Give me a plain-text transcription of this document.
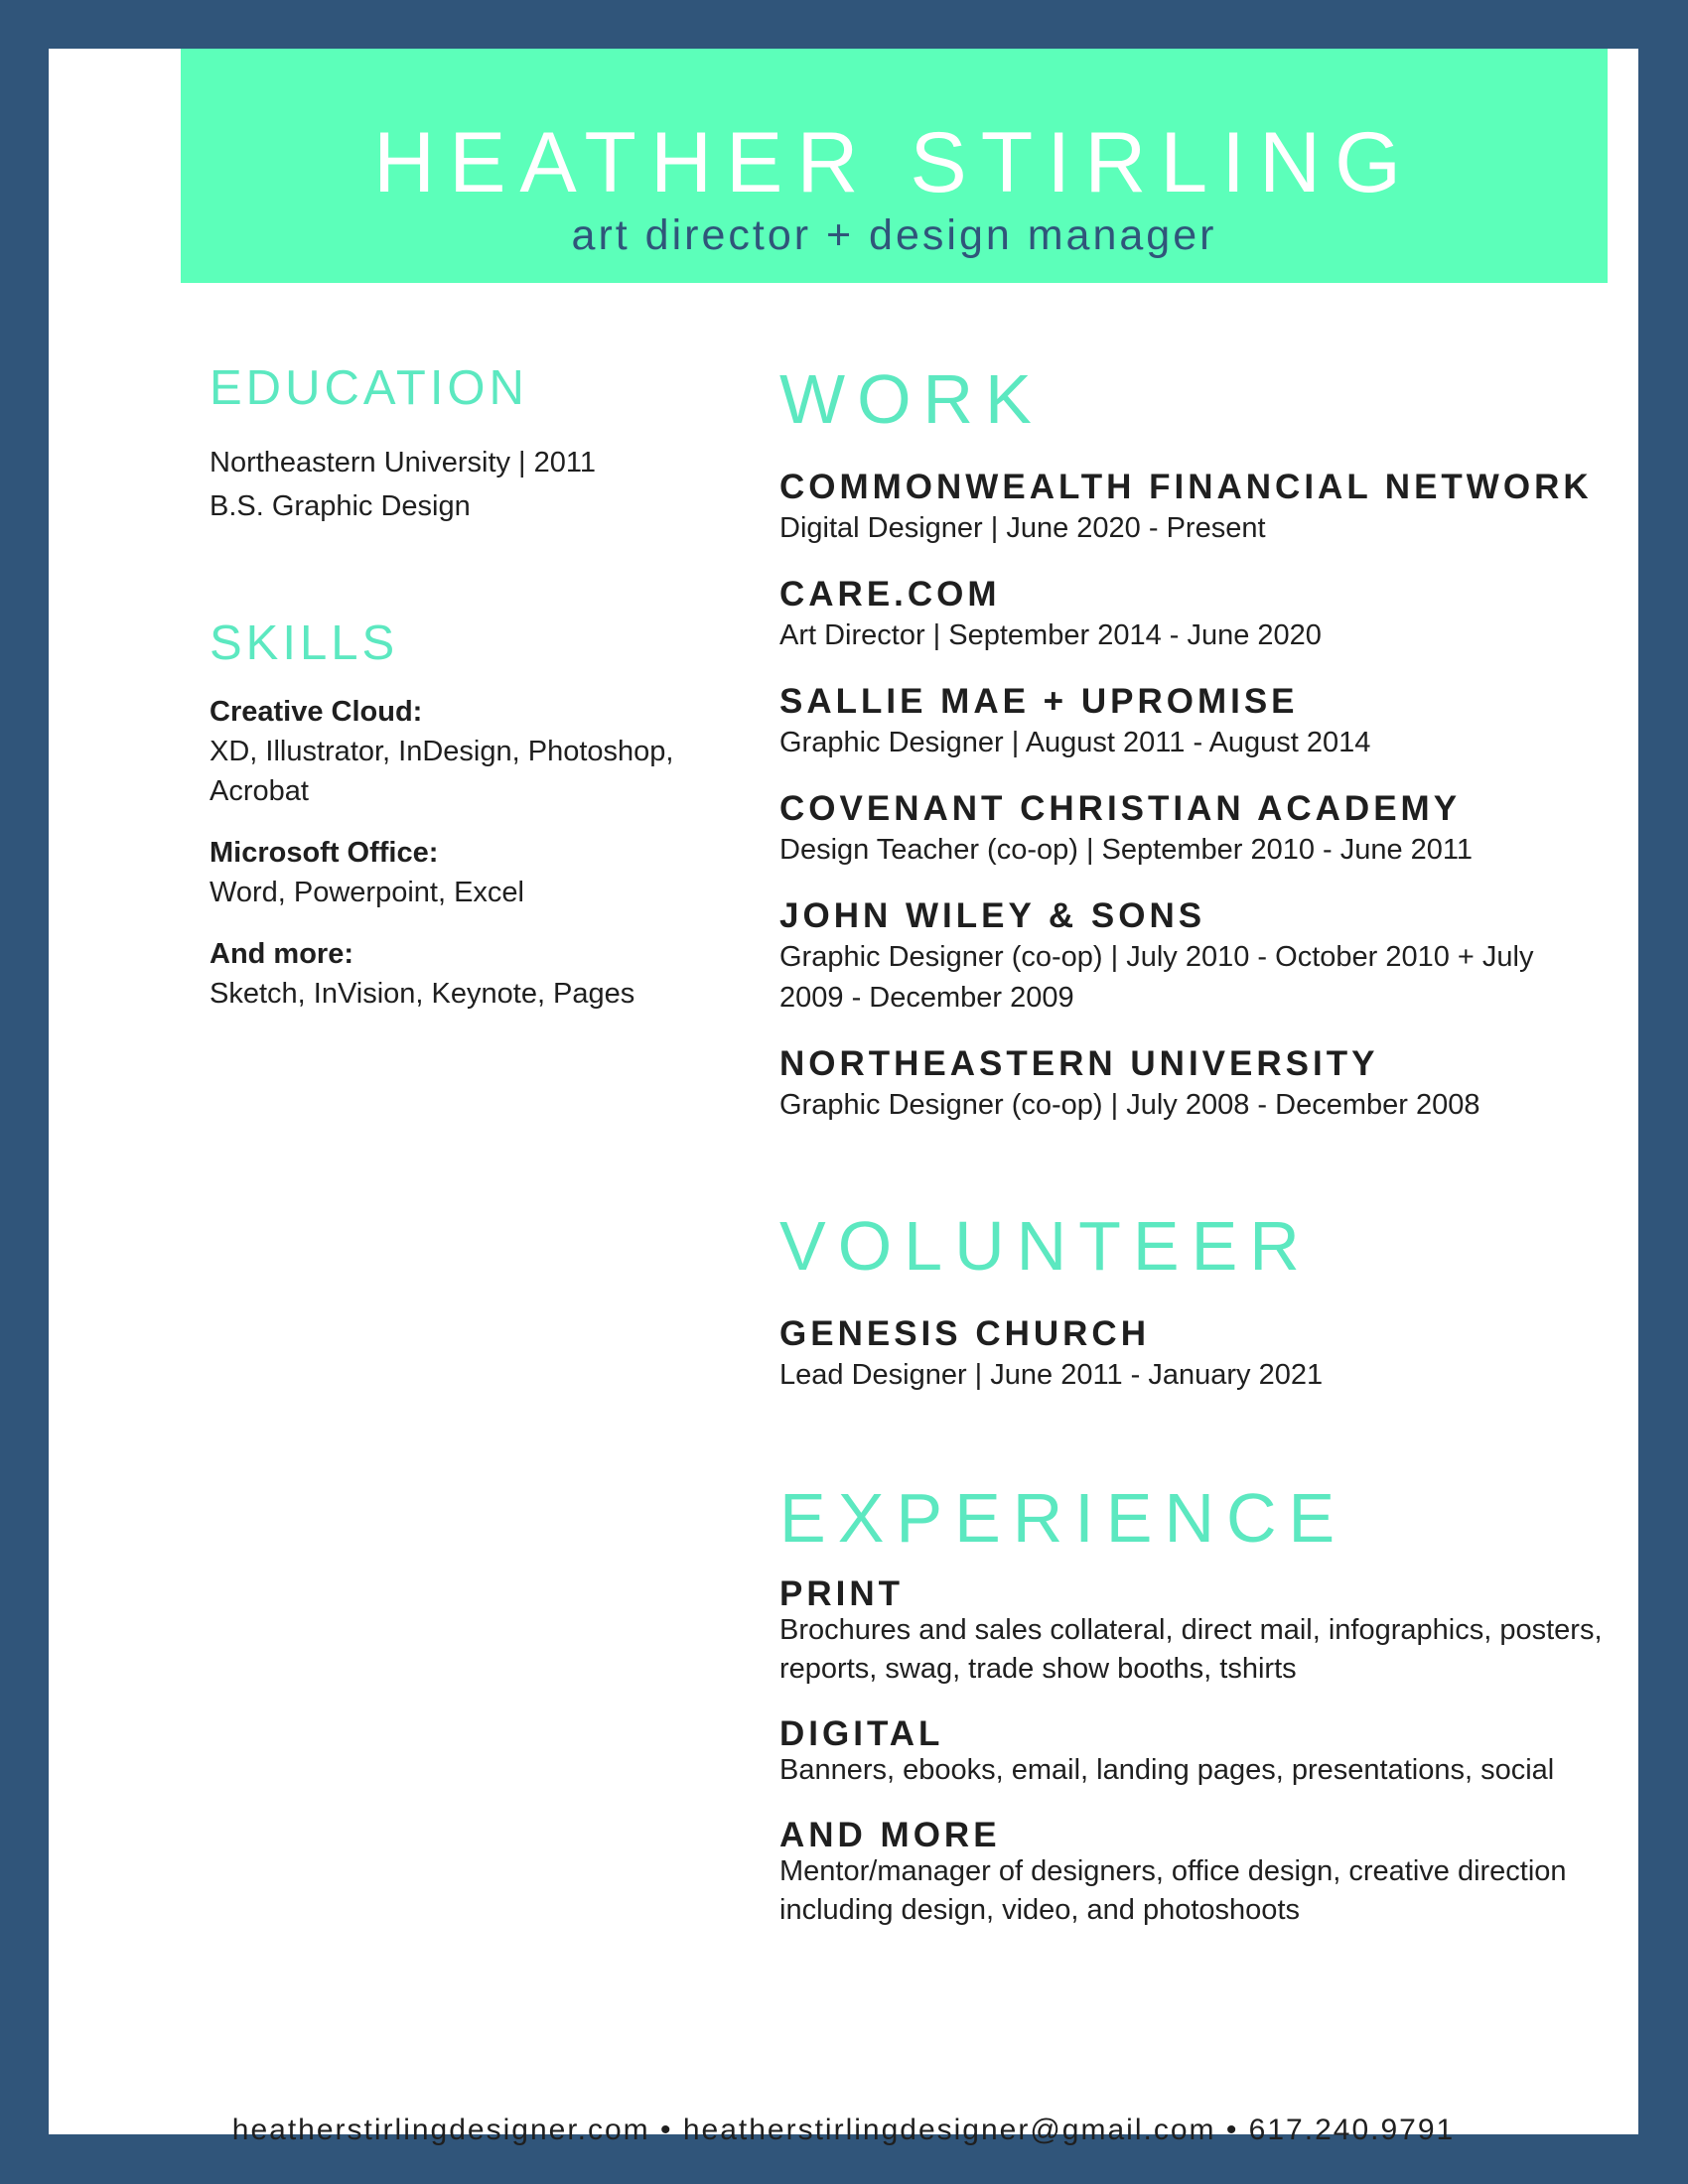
HEATHER STIRLING
art director + design manager
EDUCATION
Northeastern University | 2011
B.S. Graphic Design
SKILLS
Creative Cloud:
XD, Illustrator, InDesign, Photoshop, Acrobat
Microsoft Office:
Word, Powerpoint, Excel
And more:
Sketch, InVision, Keynote, Pages
WORK
COMMONWEALTH FINANCIAL NETWORK
Digital Designer | June 2020 - Present
CARE.COM
Art Director | September 2014 - June 2020
SALLIE MAE + UPROMISE
Graphic Designer | August 2011 - August 2014
COVENANT CHRISTIAN ACADEMY
Design Teacher (co-op) | September 2010 - June 2011
JOHN WILEY & SONS
Graphic Designer (co-op) | July 2010 - October 2010 + July 2009 - December 2009
NORTHEASTERN UNIVERSITY
Graphic Designer (co-op) | July 2008 - December 2008
VOLUNTEER
GENESIS CHURCH
Lead Designer | June 2011 - January 2021
EXPERIENCE
PRINT
Brochures and sales collateral, direct mail, infographics, posters, reports, swag, trade show booths, tshirts
DIGITAL
Banners, ebooks, email, landing pages, presentations, social
AND MORE
Mentor/manager of designers, office design, creative direction including design, video, and photoshoots
heatherstirlingdesigner.com • heatherstirlingdesigner@gmail.com • 617.240.9791
